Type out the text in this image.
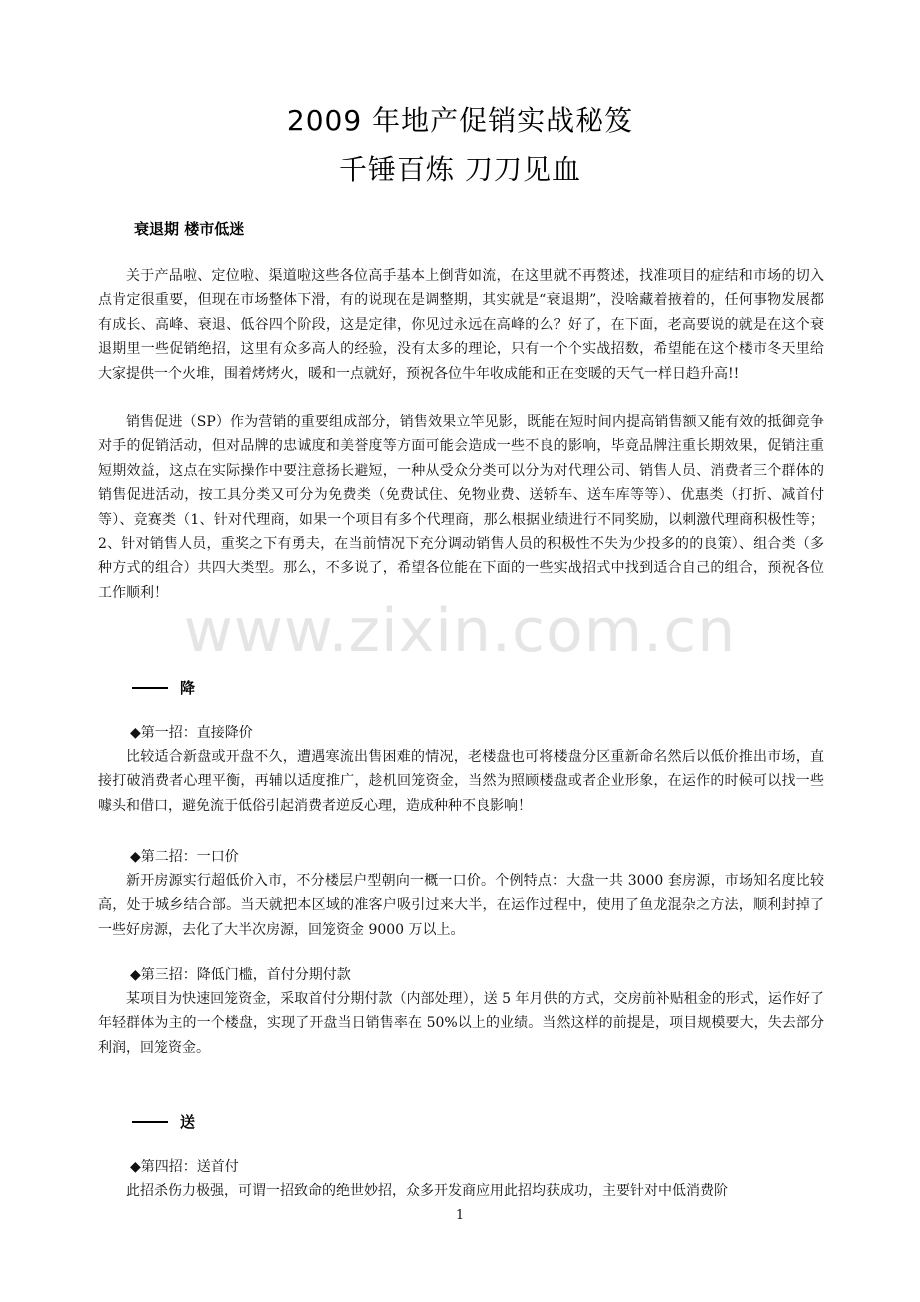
2009 年地产促销实战秘笈
千锤百炼 刀刀见血
衰退期 楼市低迷

关于产品啦、定位啦、渠道啦这些各位高手基本上倒背如流，在这里就不再赘述，找准项目的症结和市场的切入点肯定很重要，但现在市场整体下滑，有的说现在是调整期，其实就是“衰退期”，没啥藏着掖着的，任何事物发展都有成长、高峰、衰退、低谷四个阶段，这是定律，你见过永远在高峰的么？好了，在下面，老高要说的就是在这个衰退期里一些促销绝招，这里有众多高人的经验，没有太多的理论，只有一个个实战招数，希望能在这个楼市冬天里给大家提供一个火堆，围着烤烤火，暖和一点就好，预祝各位牛年收成能和正在变暖的天气一样日趋升高!!

销售促进（SP）作为营销的重要组成部分，销售效果立竿见影，既能在短时间内提高销售额又能有效的抵御竞争对手的促销活动，但对品牌的忠诚度和美誉度等方面可能会造成一些不良的影响，毕竟品牌注重长期效果，促销注重短期效益，这点在实际操作中要注意扬长避短，一种从受众分类可以分为对代理公司、销售人员、消费者三个群体的销售促进活动，按工具分类又可分为免费类（免费试住、免物业费、送轿车、送车库等等）、优惠类（打折、减首付等）、竞赛类（1、针对代理商，如果一个项目有多个代理商，那么根据业绩进行不同奖励，以刺激代理商积极性等；2、针对销售人员，重奖之下有勇夫，在当前情况下充分调动销售人员的积极性不失为少投多的的良策）、组合类（多种方式的组合）共四大类型。那么，不多说了，希望各位能在下面的一些实战招式中找到适合自己的组合，预祝各位工作顺利！

www.zixin.com.cn
降
◆第一招：直接降价

比较适合新盘或开盘不久，遭遇寒流出售困难的情况，老楼盘也可将楼盘分区重新命名然后以低价推出市场，直接打破消费者心理平衡，再辅以适度推广，趁机回笼资金，当然为照顾楼盘或者企业形象，在运作的时候可以找一些噱头和借口，避免流于低俗引起消费者逆反心理，造成种种不良影响！

◆第二招：一口价

新开房源实行超低价入市，不分楼层户型朝向一概一口价。个例特点：大盘一共 3000 套房源，市场知名度比较高，处于城乡结合部。当天就把本区域的准客户吸引过来大半，在运作过程中，使用了鱼龙混杂之方法，顺利封掉了一些好房源，去化了大半次房源，回笼资金 9000 万以上。

◆第三招：降低门槛，首付分期付款

某项目为快速回笼资金，采取首付分期付款（内部处理），送 5 年月供的方式，交房前补贴租金的形式，运作好了年轻群体为主的一个楼盘，实现了开盘当日销售率在 50%以上的业绩。当然这样的前提是，项目规模要大，失去部分利润，回笼资金。

送
◆第四招：送首付

此招杀伤力极强，可谓一招致命的绝世妙招，众多开发商应用此招均获成功，主要针对中低消费阶

1
